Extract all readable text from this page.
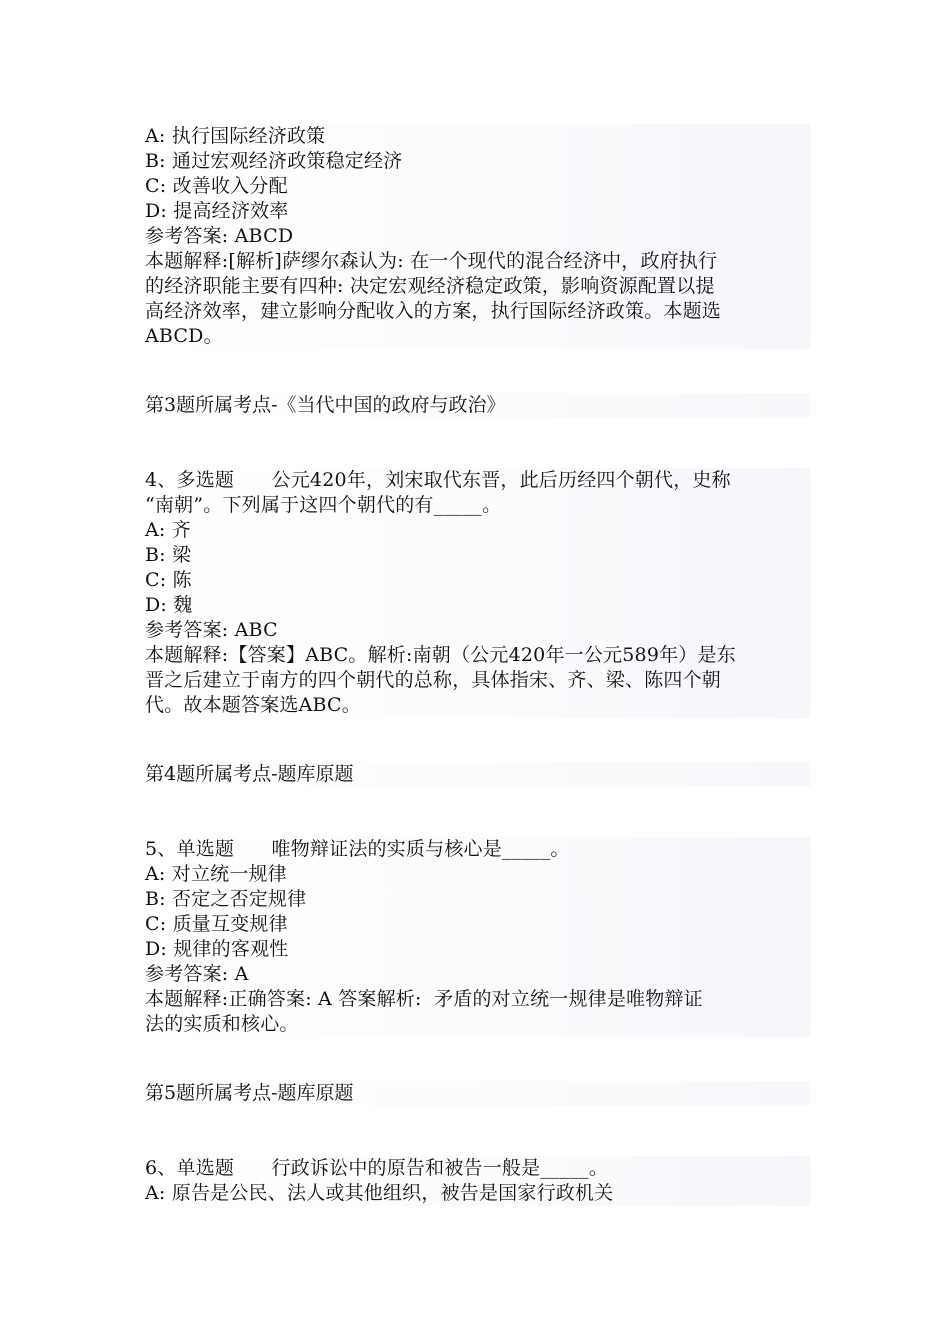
A: 执行国际经济政策

B: 通过宏观经济政策稳定经济

C: 改善收入分配

D: 提高经济效率

参考答案: ABCD

本题解释:[解析]萨缪尔森认为: 在一个现代的混合经济中，政府执行

的经济职能主要有四种: 决定宏观经济稳定政策，影响资源配置以提

高经济效率，建立影响分配收入的方案，执行国际经济政策。本题选

ABCD。

第3题所属考点-《当代中国的政府与政治》

4、多选题      公元420年，刘宋取代东晋，此后历经四个朝代，史称

“南朝”。下列属于这四个朝代的有_____。

A: 齐

B: 梁

C: 陈

D: 魏

参考答案: ABC

本题解释:【答案】ABC。解析:南朝（公元420年一公元589年）是东

晋之后建立于南方的四个朝代的总称，具体指宋、齐、梁、陈四个朝

代。故本题答案选ABC。

第4题所属考点-题库原题

5、单选题      唯物辩证法的实质与核心是_____。

A: 对立统一规律

B: 否定之否定规律

C: 质量互变规律

D: 规律的客观性

参考答案: A

本题解释:正确答案: A 答案解析:  矛盾的对立统一规律是唯物辩证

法的实质和核心。

第5题所属考点-题库原题

6、单选题      行政诉讼中的原告和被告一般是_____。

A: 原告是公民、法人或其他组织，被告是国家行政机关
